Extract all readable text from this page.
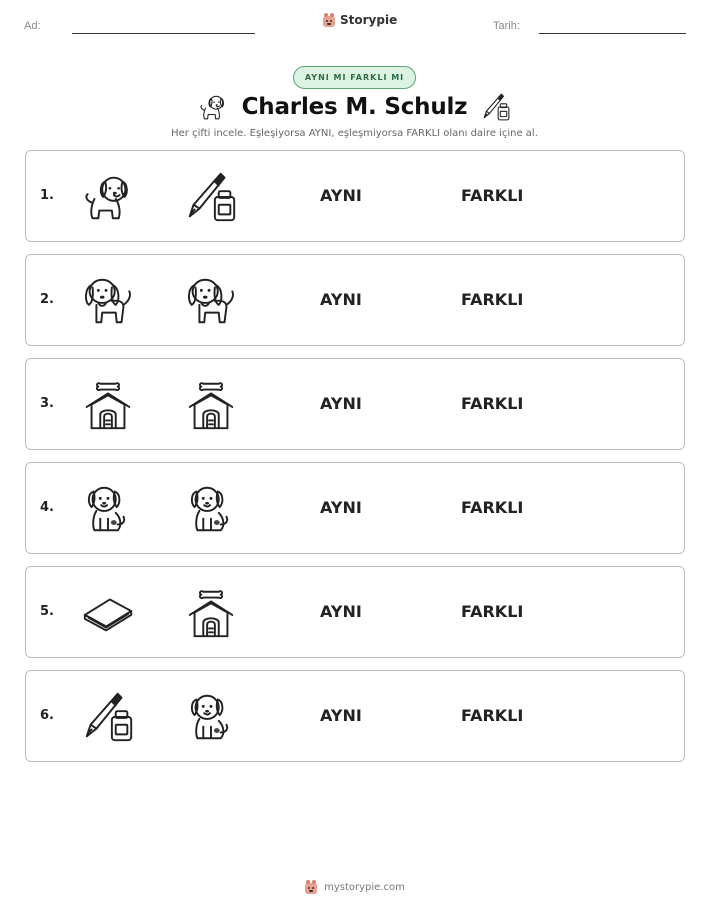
Ad:	Storypie	Tarih:
AYNI MI FARKLI MI
Charles M. Schulz
Her çifti incele. Eşleşiyorsa AYNI, eşleşmiyorsa FARKLI olanı daire içine al.
1.	AYNI	FARKLI
2.	AYNI	FARKLI
3.	AYNI	FARKLI
4.	AYNI	FARKLI
5.	AYNI	FARKLI
6.	AYNI	FARKLI
mystorypie.com
